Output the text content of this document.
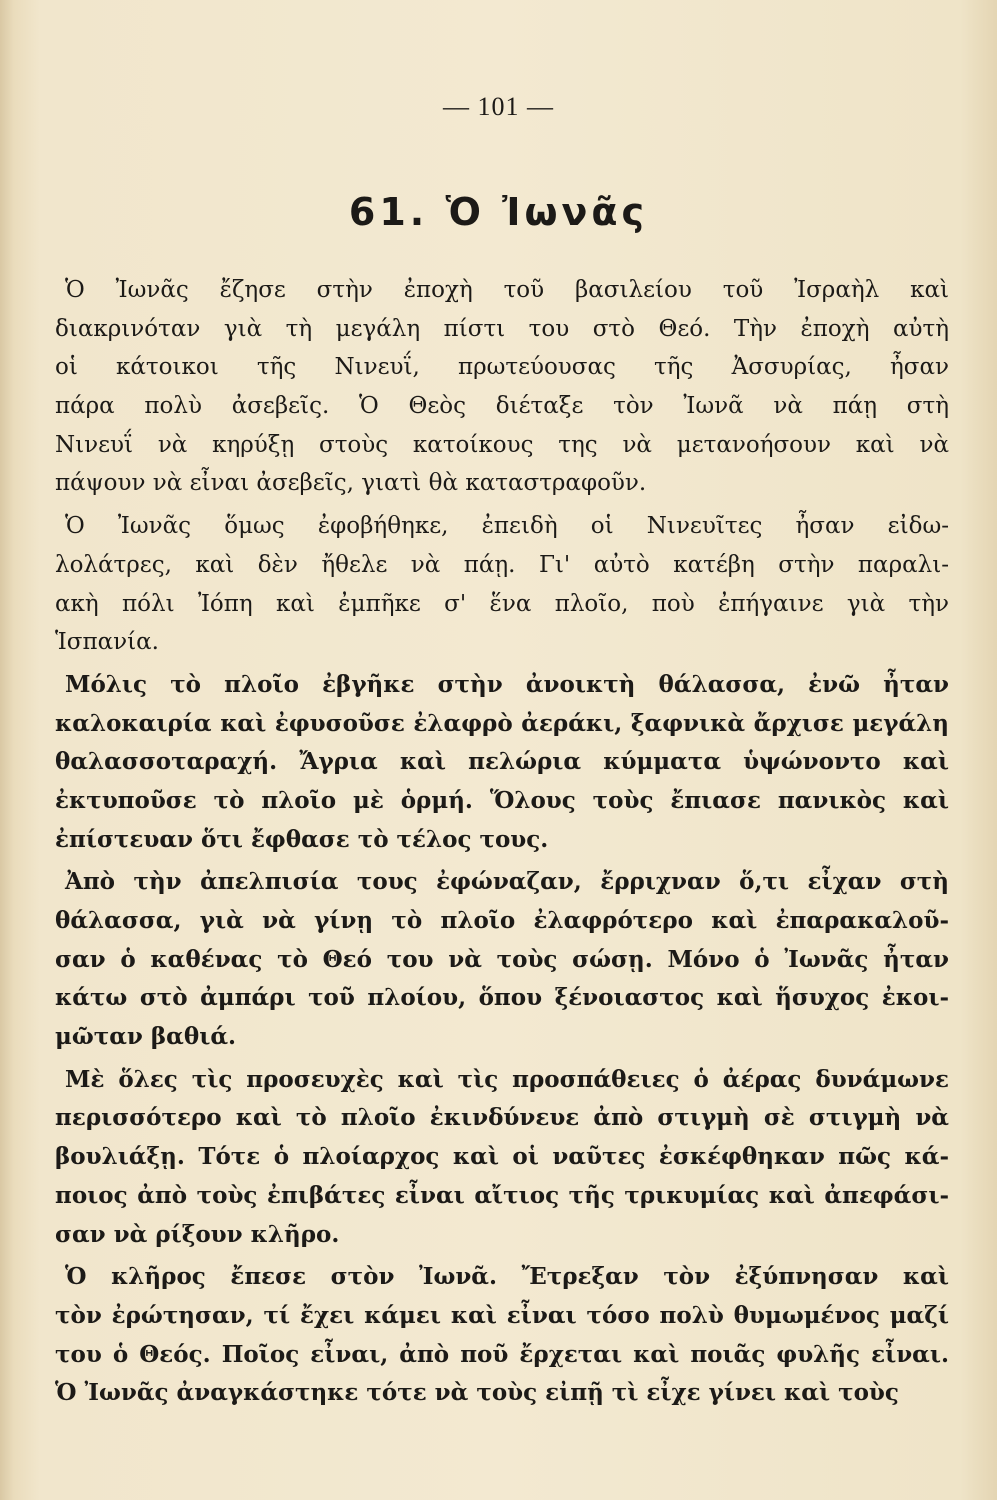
— 101 —
61. Ὁ Ἰωνᾶς
Ὁ Ἰωνᾶς ἔζησε στὴν ἐποχὴ τοῦ βασιλείου τοῦ Ἰσραὴλ καὶ
διακρινόταν γιὰ τὴ μεγάλη πίστι του στὸ Θεό. Τὴν ἐποχὴ αὐτὴ
οἱ κάτοικοι τῆς Νινευΐ, πρωτεύουσας τῆς Ἀσσυρίας, ἦσαν
πάρα πολὺ ἀσεβεῖς. Ὁ Θεὸς διέταξε τὸν Ἰωνᾶ νὰ πάῃ στὴ
Νινευΐ νὰ κηρύξῃ στοὺς κατοίκους της νὰ μετανοήσουν καὶ νὰ
πάψουν νὰ εἶναι ἀσεβεῖς, γιατὶ θὰ καταστραφοῦν.
Ὁ Ἰωνᾶς ὅμως ἐφοβήθηκε, ἐπειδὴ οἱ Νινευῖτες ἦσαν εἰδω-
λολάτρες, καὶ δὲν ἤθελε νὰ πάῃ. Γι' αὐτὸ κατέβη στὴν παραλι-
ακὴ πόλι Ἰόπη καὶ ἐμπῆκε σ' ἕνα πλοῖο, ποὺ ἐπήγαινε γιὰ τὴν
Ἱσπανία.
Μόλις τὸ πλοῖο ἐβγῆκε στὴν ἀνοικτὴ θάλασσα, ἐνῶ ἦταν
καλοκαιρία καὶ ἐφυσοῦσε ἐλαφρὸ ἀεράκι, ξαφνικὰ ἄρχισε μεγάλη
θαλασσοταραχή. Ἄγρια καὶ πελώρια κύμματα ὑψώνοντο καὶ
ἐκτυποῦσε τὸ πλοῖο μὲ ὁρμή. Ὅλους τοὺς ἔπιασε πανικὸς καὶ
ἐπίστευαν ὅτι ἔφθασε τὸ τέλος τους.
Ἀπὸ τὴν ἀπελπισία τους ἐφώναζαν, ἔρριχναν ὅ,τι εἶχαν στὴ
θάλασσα, γιὰ νὰ γίνῃ τὸ πλοῖο ἐλαφρότερο καὶ ἐπαρακαλοῦ-
σαν ὁ καθένας τὸ Θεό του νὰ τοὺς σώσῃ. Μόνο ὁ Ἰωνᾶς ἦταν
κάτω στὸ ἀμπάρι τοῦ πλοίου, ὅπου ξένοιαστος καὶ ἥσυχος ἐκοι-
μῶταν βαθιά.
Μὲ ὅλες τὶς προσευχὲς καὶ τὶς προσπάθειες ὁ ἀέρας δυνάμωνε
περισσότερο καὶ τὸ πλοῖο ἐκινδύνευε ἀπὸ στιγμὴ σὲ στιγμὴ νὰ
βουλιάξῃ. Τότε ὁ πλοίαρχος καὶ οἱ ναῦτες ἐσκέφθηκαν πῶς κά-
ποιος ἀπὸ τοὺς ἐπιβάτες εἶναι αἴτιος τῆς τρικυμίας καὶ ἀπεφάσι-
σαν νὰ ρίξουν κλῆρο.
Ὁ κλῆρος ἔπεσε στὸν Ἰωνᾶ. Ἔτρεξαν τὸν ἐξύπνησαν καὶ
τὸν ἐρώτησαν, τί ἔχει κάμει καὶ εἶναι τόσο πολὺ θυμωμένος μαζί
του ὁ Θεός. Ποῖος εἶναι, ἀπὸ ποῦ ἔρχεται καὶ ποιᾶς φυλῆς εἶναι.
Ὁ Ἰωνᾶς ἀναγκάστηκε τότε νὰ τοὺς εἰπῇ τὶ εἶχε γίνει καὶ τοὺς
